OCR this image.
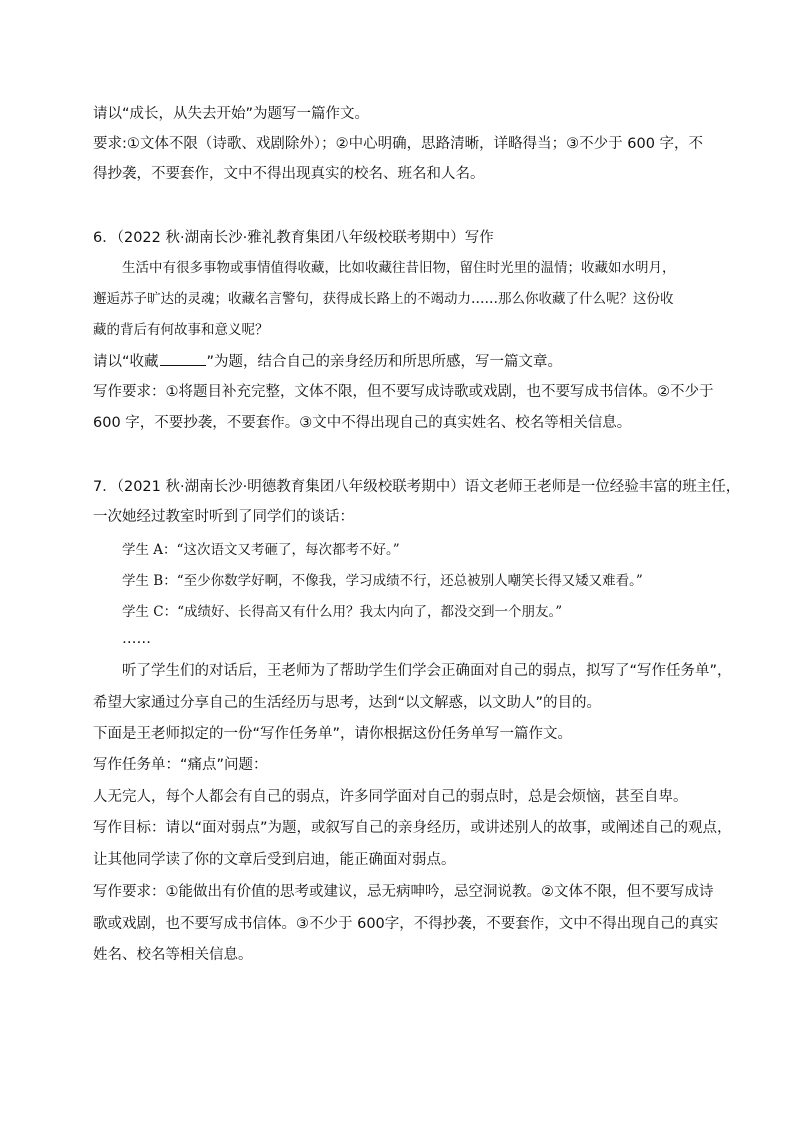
请以“成长，从失去开始”为题写一篇作文。

要求:①文体不限（诗歌、戏剧除外）；②中心明确，思路清晰，详略得当；③不少于 600 字，不

得抄袭，不要套作，文中不得出现真实的校名、班名和人名。

6．（2022 秋·湖南长沙·雅礼教育集团八年级校联考期中）写作

生活中有很多事物或事情值得收藏，比如收藏往昔旧物，留住时光里的温情；收藏如水明月，

邂逅苏子旷达的灵魂；收藏名言警句，获得成长路上的不竭动力……那么你收藏了什么呢？这份收

藏的背后有何故事和意义呢？

请以“收藏	”为题，结合自己的亲身经历和所思所感，写一篇文章。

写作要求：①将题目补充完整，文体不限，但不要写成诗歌或戏剧，也不要写成书信体。②不少于

600 字，不要抄袭，不要套作。③文中不得出现自己的真实姓名、校名等相关信息。

7．（2021 秋·湖南长沙·明德教育集团八年级校联考期中）语文老师王老师是一位经验丰富的班主任，

一次她经过教室时听到了同学们的谈话：

学生 A：“这次语文又考砸了，每次都考不好。”

学生 B：“至少你数学好啊，不像我，学习成绩不行，还总被别人嘲笑长得又矮又难看。”

学生 C：“成绩好、长得高又有什么用？我太内向了，都没交到一个朋友。”

……

听了学生们的对话后，王老师为了帮助学生们学会正确面对自己的弱点，拟写了“写作任务单”，

希望大家通过分享自己的生活经历与思考，达到“以文解惑，以文助人”的目的。

下面是王老师拟定的一份“写作任务单”，请你根据这份任务单写一篇作文。

写作任务单：“痛点”问题：

人无完人，每个人都会有自己的弱点，许多同学面对自己的弱点时，总是会烦恼，甚至自卑。

写作目标：请以“面对弱点”为题，或叙写自己的亲身经历，或讲述别人的故事，或阐述自己的观点，

让其他同学读了你的文章后受到启迪，能正确面对弱点。

写作要求：①能做出有价值的思考或建议，忌无病呻吟，忌空洞说教。②文体不限，但不要写成诗

歌或戏剧，也不要写成书信体。③不少于 600字，不得抄袭，不要套作，文中不得出现自己的真实

姓名、校名等相关信息。
